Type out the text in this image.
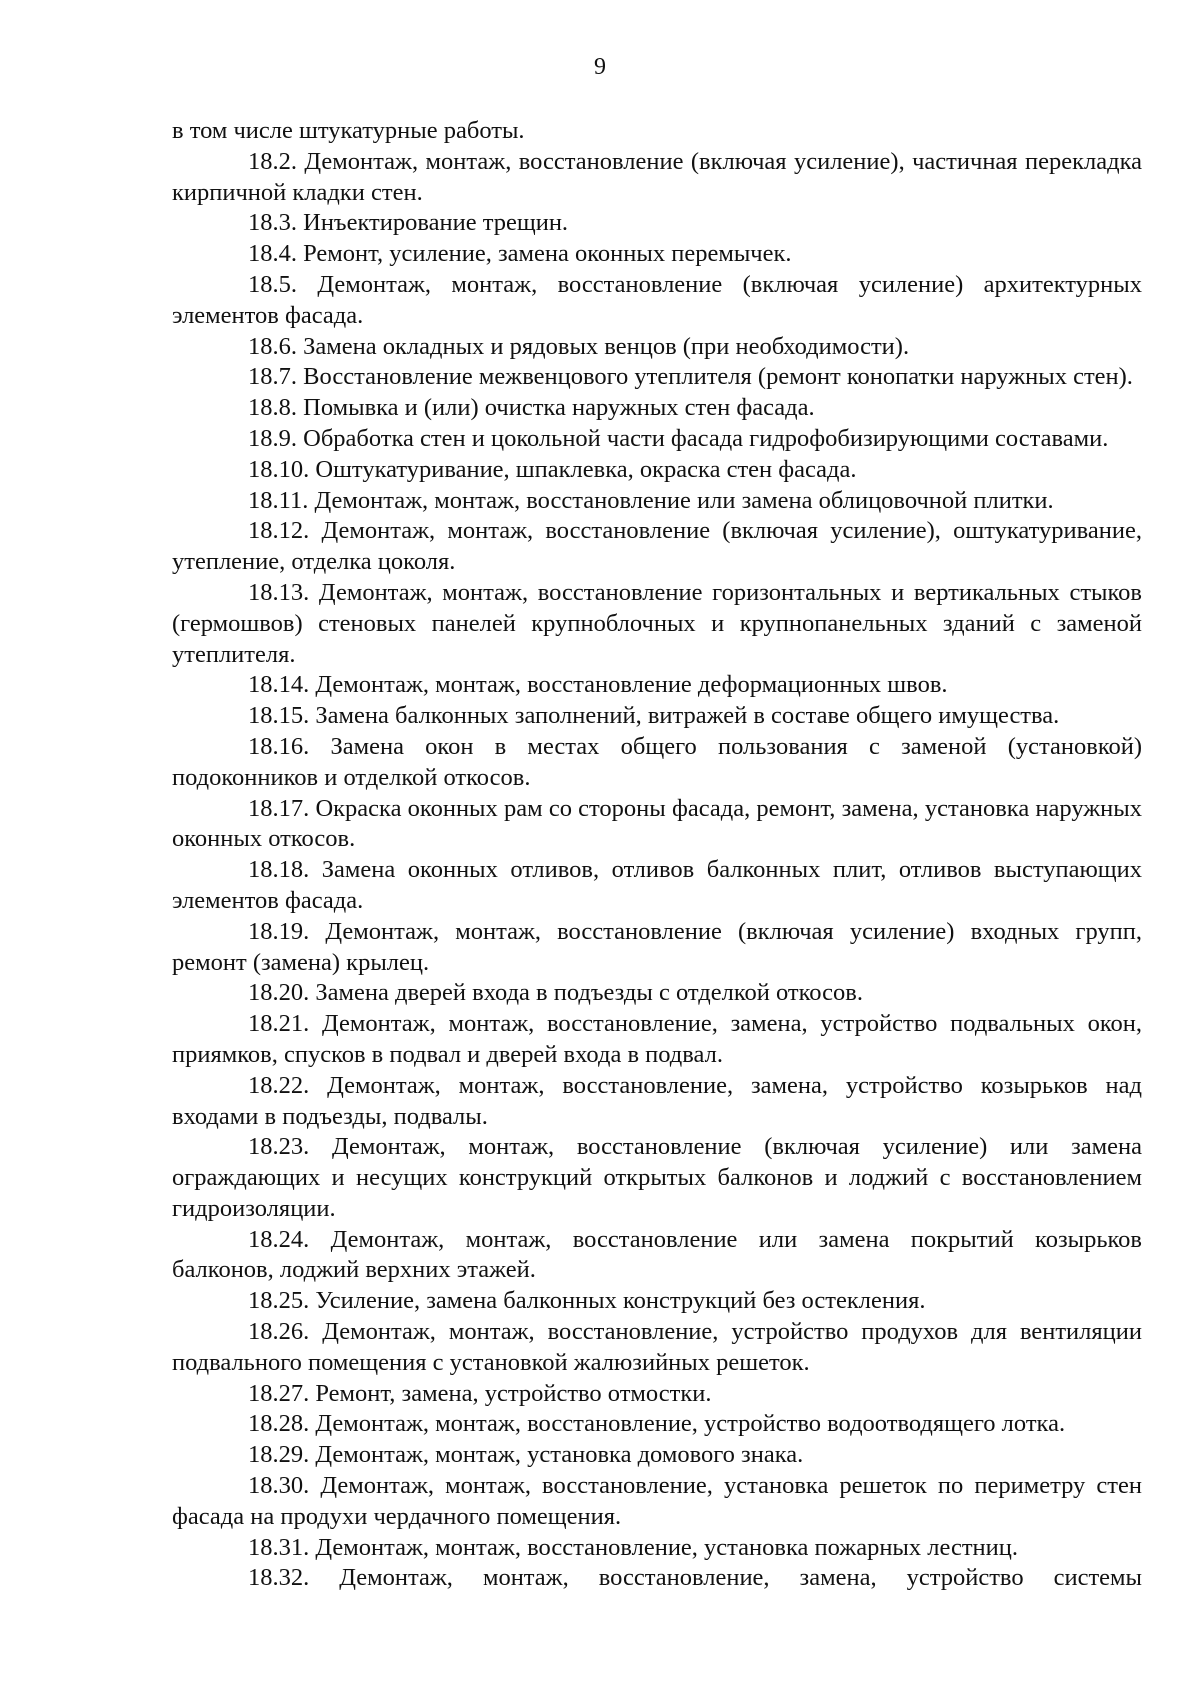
9

в том числе штукатурные работы.

18.2. Демонтаж, монтаж, восстановление (включая усиление), частичная перекладка кирпичной кладки стен.

18.3. Инъектирование трещин.

18.4. Ремонт, усиление, замена оконных перемычек.

18.5. Демонтаж, монтаж, восстановление (включая усиление) архитектурных элементов фасада.

18.6. Замена окладных и рядовых венцов (при необходимости).

18.7. Восстановление межвенцового утеплителя (ремонт конопатки наружных стен).

18.8. Помывка и (или) очистка наружных стен фасада.

18.9. Обработка стен и цокольной части фасада гидрофобизирующими составами.

18.10. Оштукатуривание, шпаклевка, окраска стен фасада.

18.11. Демонтаж, монтаж, восстановление или замена облицовочной плитки.

18.12. Демонтаж, монтаж, восстановление (включая усиление), оштукатуривание, утепление, отделка цоколя.

18.13. Демонтаж, монтаж, восстановление горизонтальных и вертикальных стыков (гермошвов) стеновых панелей крупноблочных и крупнопанельных зданий с заменой утеплителя.

18.14. Демонтаж, монтаж, восстановление деформационных швов.

18.15. Замена балконных заполнений, витражей в составе общего имущества.

18.16. Замена окон в местах общего пользования с заменой (установкой) подоконников и отделкой откосов.

18.17. Окраска оконных рам со стороны фасада, ремонт, замена, установка наружных оконных откосов.

18.18. Замена оконных отливов, отливов балконных плит, отливов выступающих элементов фасада.

18.19. Демонтаж, монтаж, восстановление (включая усиление) входных групп, ремонт (замена) крылец.

18.20. Замена дверей входа в подъезды с отделкой откосов.

18.21. Демонтаж, монтаж, восстановление, замена, устройство подвальных окон, приямков, спусков в подвал и дверей входа в подвал.

18.22. Демонтаж, монтаж, восстановление, замена, устройство козырьков над входами в подъезды, подвалы.

18.23. Демонтаж, монтаж, восстановление (включая усиление) или замена ограждающих и несущих конструкций открытых балконов и лоджий с восстановлением гидроизоляции.

18.24. Демонтаж, монтаж, восстановление или замена покрытий козырьков балконов, лоджий верхних этажей.

18.25. Усиление, замена балконных конструкций без остекления.

18.26. Демонтаж, монтаж, восстановление, устройство продухов для вентиляции подвального помещения с установкой жалюзийных решеток.

18.27. Ремонт, замена, устройство отмостки.

18.28. Демонтаж, монтаж, восстановление, устройство водоотводящего лотка.

18.29. Демонтаж, монтаж, установка домового знака.

18.30. Демонтаж, монтаж, восстановление, установка решеток по периметру стен фасада на продухи чердачного помещения.

18.31. Демонтаж, монтаж, восстановление, установка пожарных лестниц.

18.32. Демонтаж, монтаж, восстановление, замена, устройство системы
